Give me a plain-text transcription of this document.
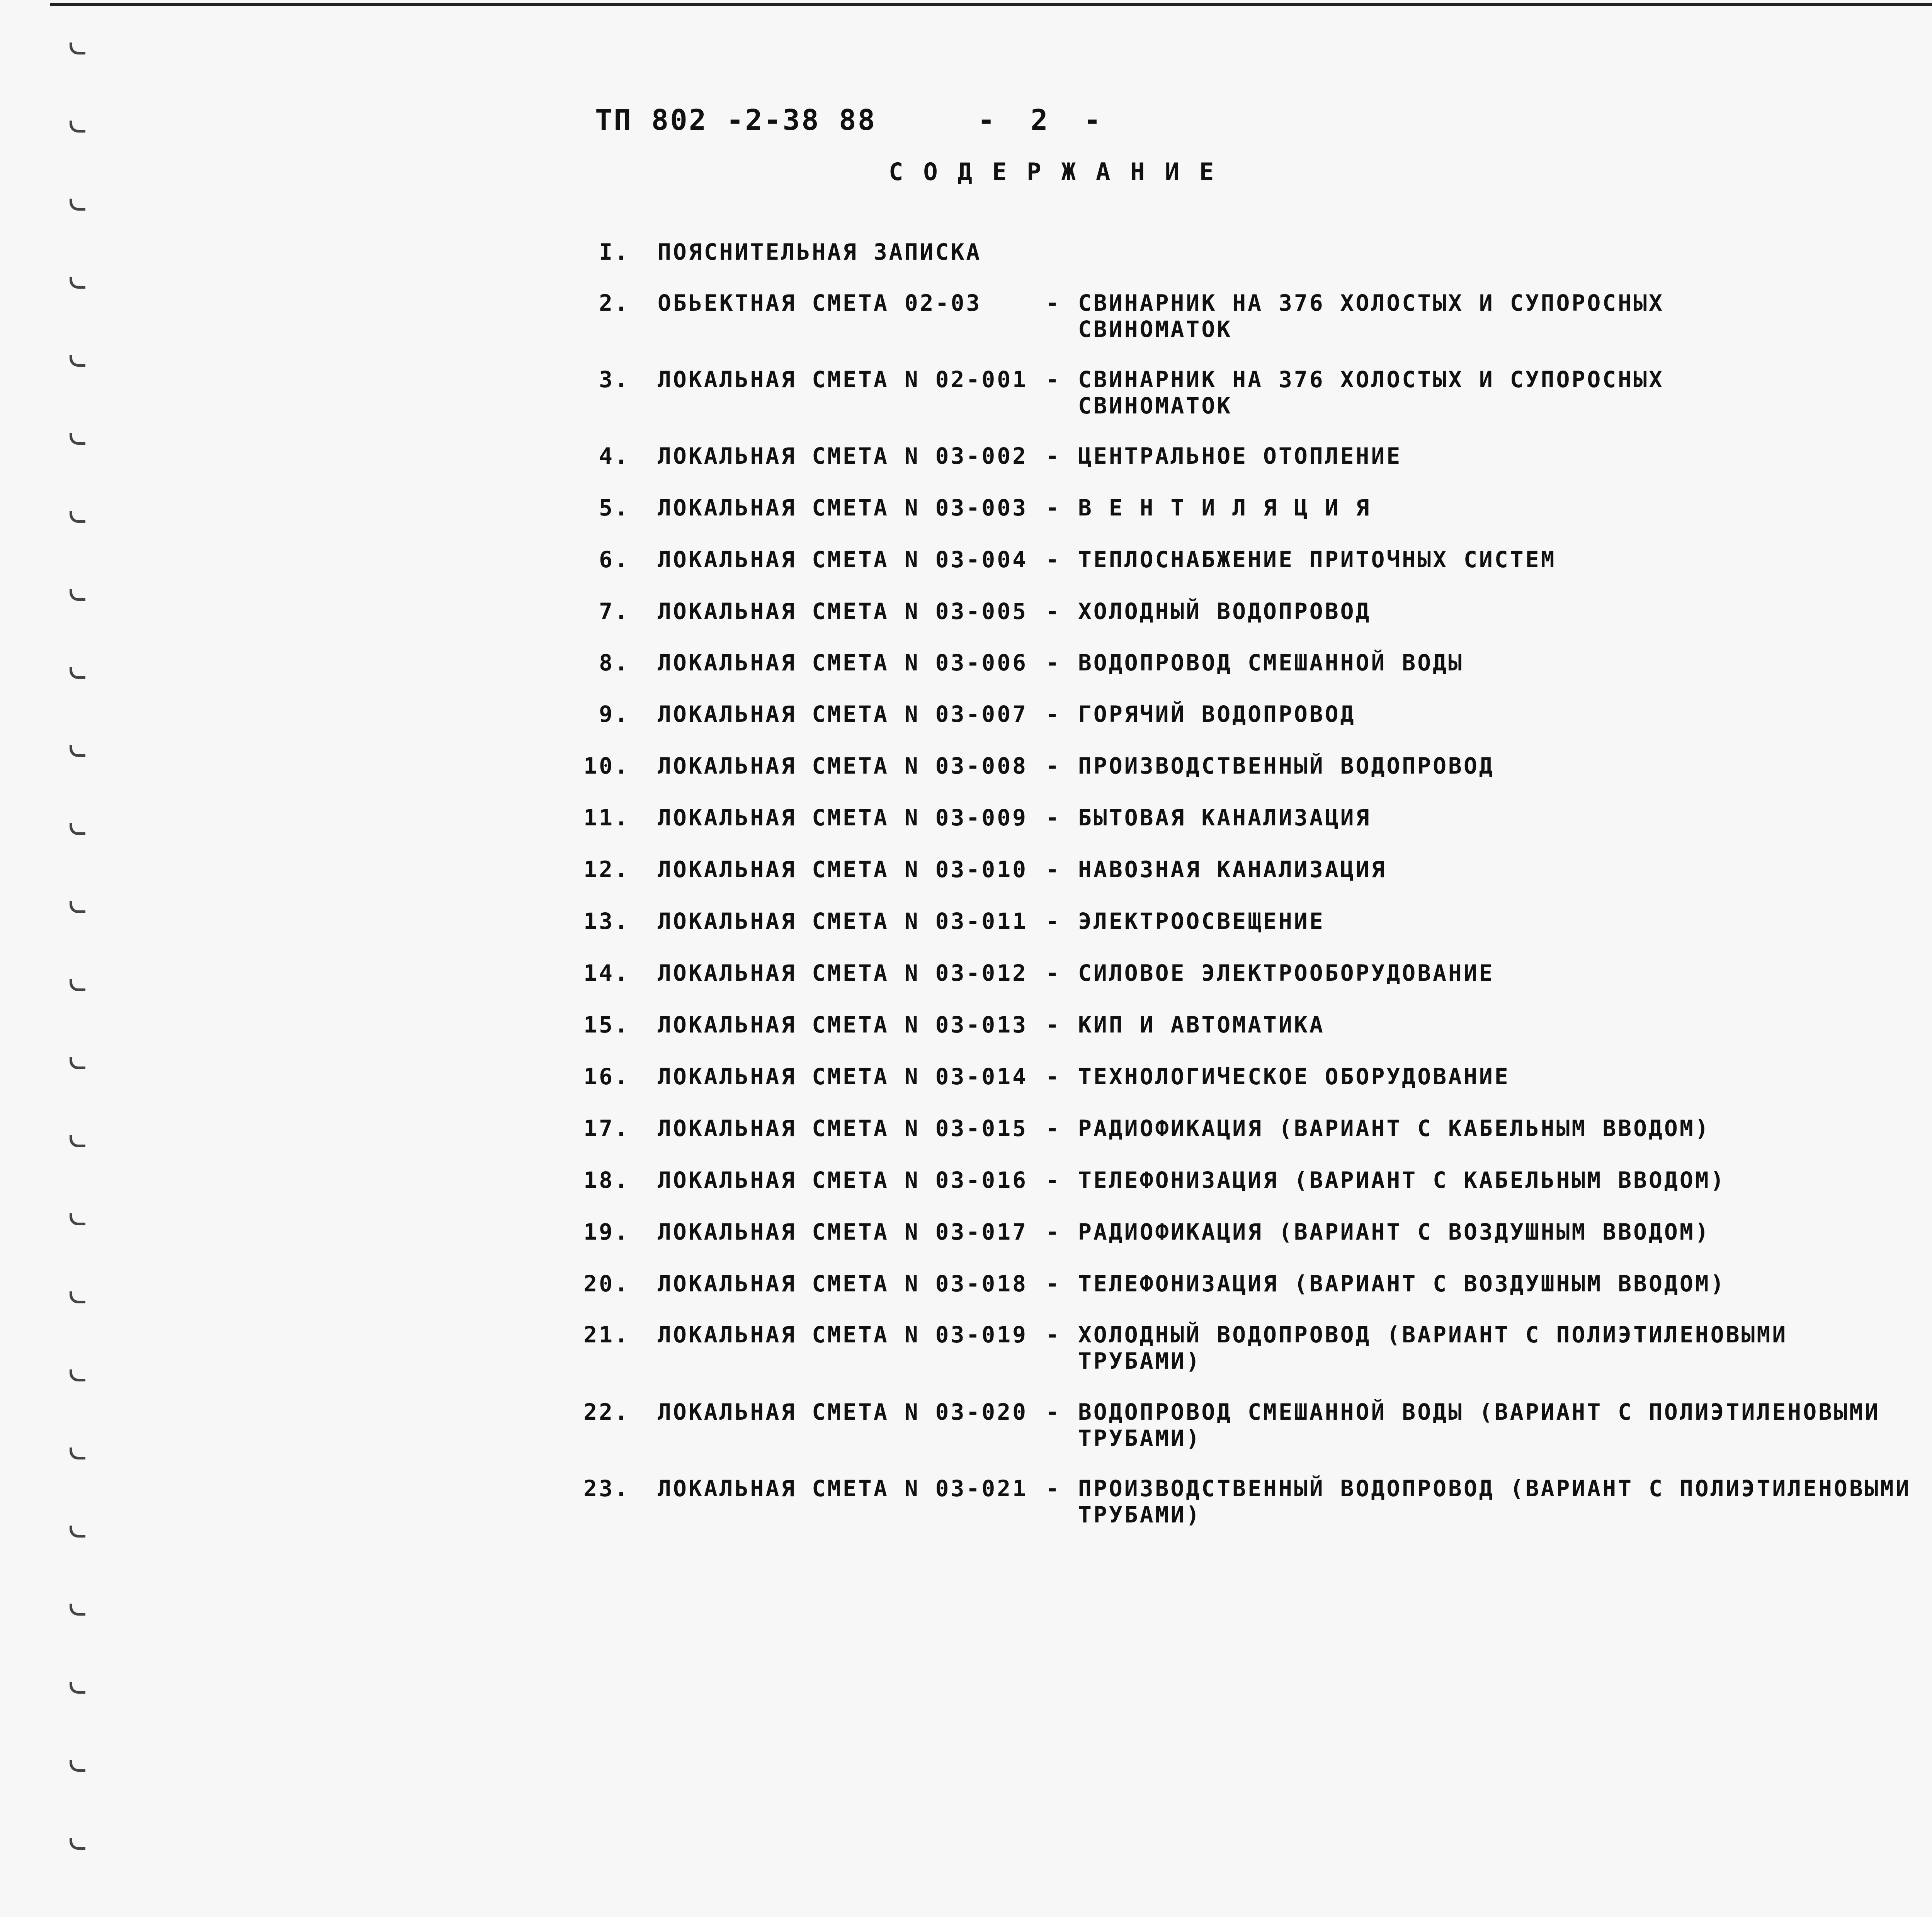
ТП 802 -2-38 88	- 2 -
СОДЕРЖАНИЕ
I. ПОЯСНИТЕЛЬНАЯ ЗАПИСКА
2. ОБЬЕКТНАЯ СМЕТА 02-03	- СВИНАРНИК НА 376 ХОЛОСТЫХ И СУПОРОСНЫХ
СВИНОМАТОК
3. ЛОКАЛЬНАЯ СМЕТА N 02-001 - СВИНАРНИК НА 376 ХОЛОСТЫХ И СУПОРОСНЫХ
СВИНОМАТОК
4. ЛОКАЛЬНАЯ СМЕТА N 03-002 - ЦЕНТРАЛЬНОЕ ОТОПЛЕНИЕ
5. ЛОКАЛЬНАЯ СМЕТА N 03-003 - В Е Н Т И Л Я Ц И Я
6. ЛОКАЛЬНАЯ СМЕТА N 03-004 - ТЕПЛОСНАБЖЕНИЕ ПРИТОЧНЫХ СИСТЕМ
7. ЛОКАЛЬНАЯ СМЕТА N 03-005 - ХОЛОДНЫЙ ВОДОПРОВОД
8. ЛОКАЛЬНАЯ СМЕТА N 03-006 - ВОДОПРОВОД СМЕШАННОЙ ВОДЫ
9. ЛОКАЛЬНАЯ СМЕТА N 03-007 - ГОРЯЧИЙ ВОДОПРОВОД
10. ЛОКАЛЬНАЯ СМЕТА N 03-008 - ПРОИЗВОДСТВЕННЫЙ ВОДОПРОВОД
11. ЛОКАЛЬНАЯ СМЕТА N 03-009 - БЫТОВАЯ КАНАЛИЗАЦИЯ
12. ЛОКАЛЬНАЯ СМЕТА N 03-010 - НАВОЗНАЯ КАНАЛИЗАЦИЯ
13. ЛОКАЛЬНАЯ СМЕТА N 03-011 - ЭЛЕКТРООСВЕЩЕНИЕ
14. ЛОКАЛЬНАЯ СМЕТА N 03-012 - СИЛОВОЕ ЭЛЕКТРООБОРУДОВАНИЕ
15. ЛОКАЛЬНАЯ СМЕТА N 03-013 - КИП И АВТОМАТИКА
16. ЛОКАЛЬНАЯ СМЕТА N 03-014 - ТЕХНОЛОГИЧЕСКОЕ ОБОРУДОВАНИЕ
17. ЛОКАЛЬНАЯ СМЕТА N 03-015 - РАДИОФИКАЦИЯ (ВАРИАНТ С КАБЕЛЬНЫМ ВВОДОМ)
18. ЛОКАЛЬНАЯ СМЕТА N 03-016 - ТЕЛЕФОНИЗАЦИЯ (ВАРИАНТ С КАБЕЛЬНЫМ ВВОДОМ)
19. ЛОКАЛЬНАЯ СМЕТА N 03-017 - РАДИОФИКАЦИЯ (ВАРИАНТ С ВОЗДУШНЫМ ВВОДОМ)
20. ЛОКАЛЬНАЯ СМЕТА N 03-018 - ТЕЛЕФОНИЗАЦИЯ (ВАРИАНТ С ВОЗДУШНЫМ ВВОДОМ)
21. ЛОКАЛЬНАЯ СМЕТА N 03-019 - ХОЛОДНЫЙ ВОДОПРОВОД (ВАРИАНТ С ПОЛИЭТИЛЕНОВЫМИ
ТРУБАМИ)
22. ЛОКАЛЬНАЯ СМЕТА N 03-020 - ВОДОПРОВОД СМЕШАННОЙ ВОДЫ (ВАРИАНТ С ПОЛИЭТИЛЕНОВЫМИ
ТРУБАМИ)
23. ЛОКАЛЬНАЯ СМЕТА N 03-021 - ПРОИЗВОДСТВЕННЫЙ ВОДОПРОВОД (ВАРИАНТ С ПОЛИЭТИЛЕНОВЫМИ
ТРУБАМИ)
